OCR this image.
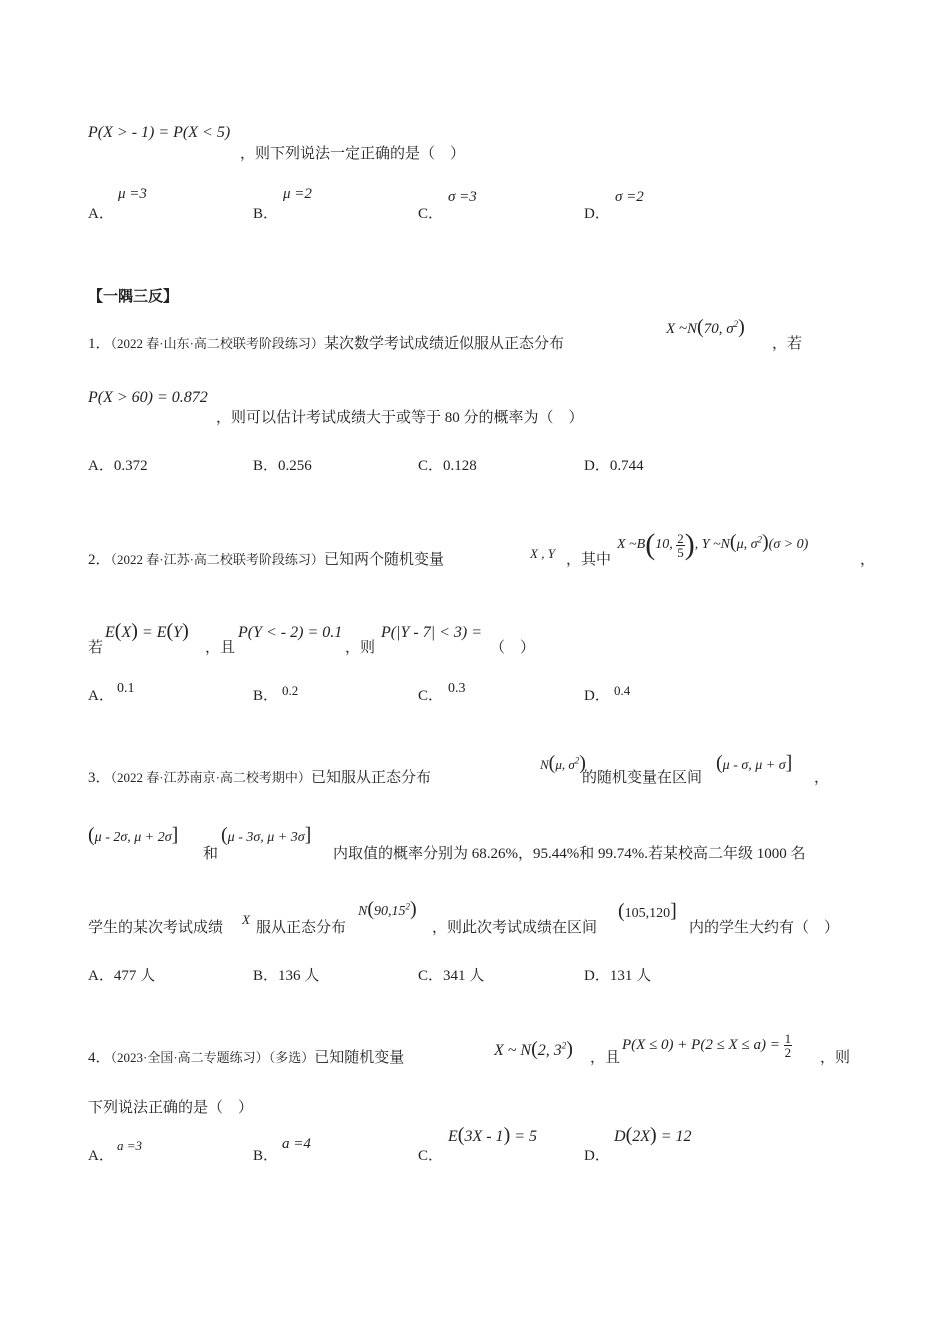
P(X > - 1) = P(X < 5)
，则下列说法一定正确的是（　）
A．
μ =3
B．
μ =2
C．
σ =3
D．
σ =2
【一隅三反】
1．（2022 春·山东·高二校联考阶段练习）某次数学考试成绩近似服从正态分布
X ~N(70, $\sigma^2$)
，若
P(X > 60) = 0.872
，则可以估计考试成绩大于或等于 80 分的概率为（　）
A．0.372	B．0.256	C．0.128	D．0.744
2．（2022 春·江苏·高二校联考阶段练习）已知两个随机变量	X , Y ，其中
X ~B(10, $\frac{2}{5}$ ), Y ~N(μ, $\sigma^2)(\sigma > 0)$
，
若
E(X) = E(Y)
，且
P(Y < - 2) = 0.1
，则
P(|Y - 7| < 3) =
（　）
A． 0.1	B． 0.2	C． 0.3	D． 0.4
3．（2022 春·江苏南京·高二校考期中）已知服从正态分布
N(μ, $\sigma^2$)
的随机变量在区间
(μ - σ, μ + σ]
，
(μ - 2σ, μ + 2σ]
和
(μ - 3σ, μ + 3σ]
内取值的概率分别为 68.26%，95.44%和 99.74%.若某校高二年级 1000 名
学生的某次考试成绩
X
服从正态分布
N(90,15$^2$)
，则此次考试成绩在区间
(105,120]
内的学生大约有（　）
A．477 人	B．136 人	C．341 人	D．131 人
4．（2023·全国·高二专题练习）（多选）已知随机变量	X ~ N(2, $3^2$) ，且
$P(X \le 0) + P(2 \le X \le a) = \frac{1}{2}$ ，则
下列说法正确的是（　）
A．
a =3
B．
a =4
C．
E(3X - 1) = 5
D．
D(2X) = 12
